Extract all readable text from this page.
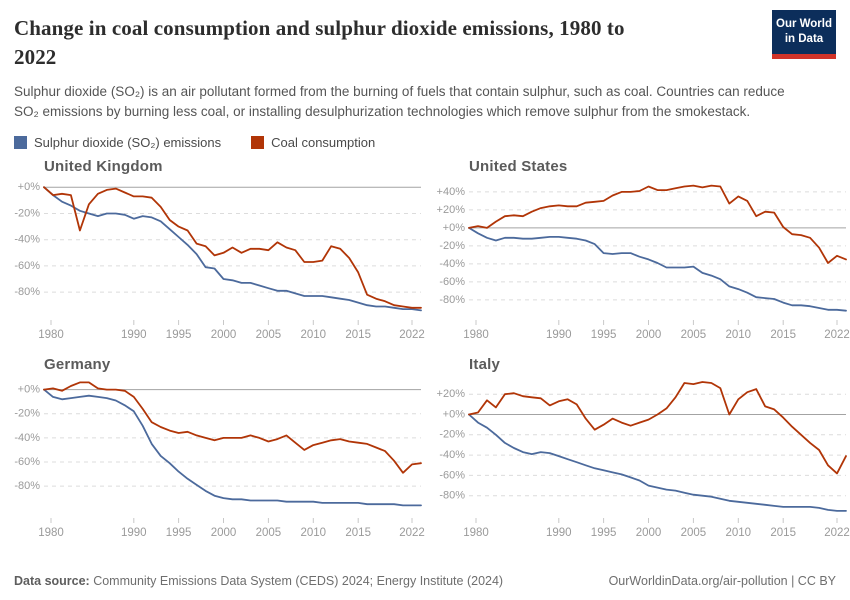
Change in coal consumption and sulphur dioxide emissions, 1980 to
2022
Our World
in Data

Sulphur dioxide (SO₂) is an air pollutant formed from the burning of fuels that contain sulphur, such as coal. Countries can reduce SO₂ emissions by burning less coal, or installing desulphurization technologies which remove sulphur from the smokestack.

Sulphur dioxide (SO₂) emissions	Coal consumption
United Kingdom
+0%
-20%
-40%
-60%
-80%
1980	1990 1995 2000 2005 2010 2015 2022
United States
+40%
+20%
+0%
-20%
-40%
-60%
-80%
1980	1990 1995 2000 2005 2010 2015 2022
Germany
+0%
-20%
-40%
-60%
-80%
1980	1990 1995 2000 2005 2010 2015 2022
Italy
+20%
+0%
-20%
-40%
-60%
-80%
1980	1990 1995 2000 2005 2010 2015 2022
Data source: Community Emissions Data System (CEDS) 2024; Energy Institute (2024)	OurWorldinData.org/air-pollution | CC BY
